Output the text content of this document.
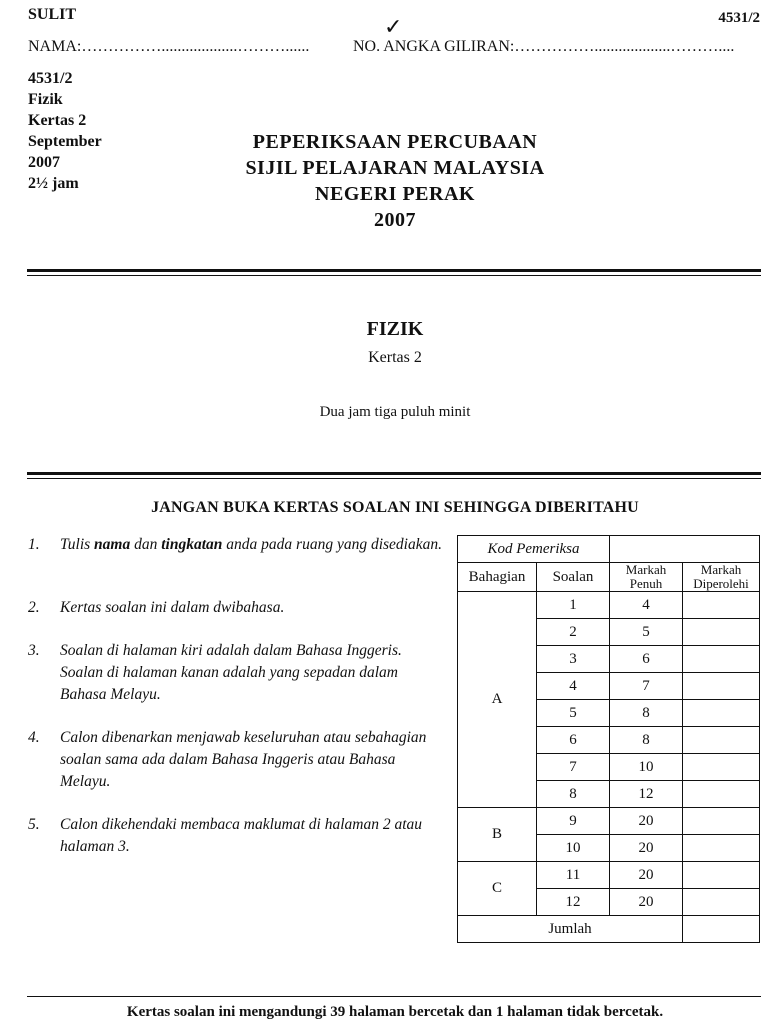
SULIT	4531/2
✓
NAMA:……………...................………......	NO. ANGKA GILIRAN:……………...................………....
4531/2
Fizik
Kertas 2
September
2007
2½ jam
PEPERIKSAAN PERCUBAAN
SIJIL PELAJARAN MALAYSIA
NEGERI PERAK
2007
FIZIK
Kertas 2
Dua jam tiga puluh minit
JANGAN BUKA KERTAS SOALAN INI SEHINGGA DIBERITAHU
1. Tulis nama dan tingkatan anda pada ruang yang disediakan.
2. Kertas soalan ini dalam dwibahasa.
3. Soalan di halaman kiri adalah dalam Bahasa Inggeris. Soalan di halaman kanan adalah yang sepadan dalam Bahasa Melayu.
4. Calon dibenarkan menjawab keseluruhan atau sebahagian soalan sama ada dalam Bahasa Inggeris atau Bahasa Melayu.
5. Calon dikehendaki membaca maklumat di halaman 2 atau halaman 3.
Kod Pemeriksa			
Bahagian	Soalan	Markah Penuh	Markah Diperolehi
A	1	4	
	2	5	
	3	6	
	4	7	
	5	8	
	6	8	
	7	10	
	8	12	
B	9	20	
	10	20	
C	11	20	
	12	20	
Jumlah			
Kertas soalan ini mengandungi 39 halaman bercetak dan 1 halaman tidak bercetak.
